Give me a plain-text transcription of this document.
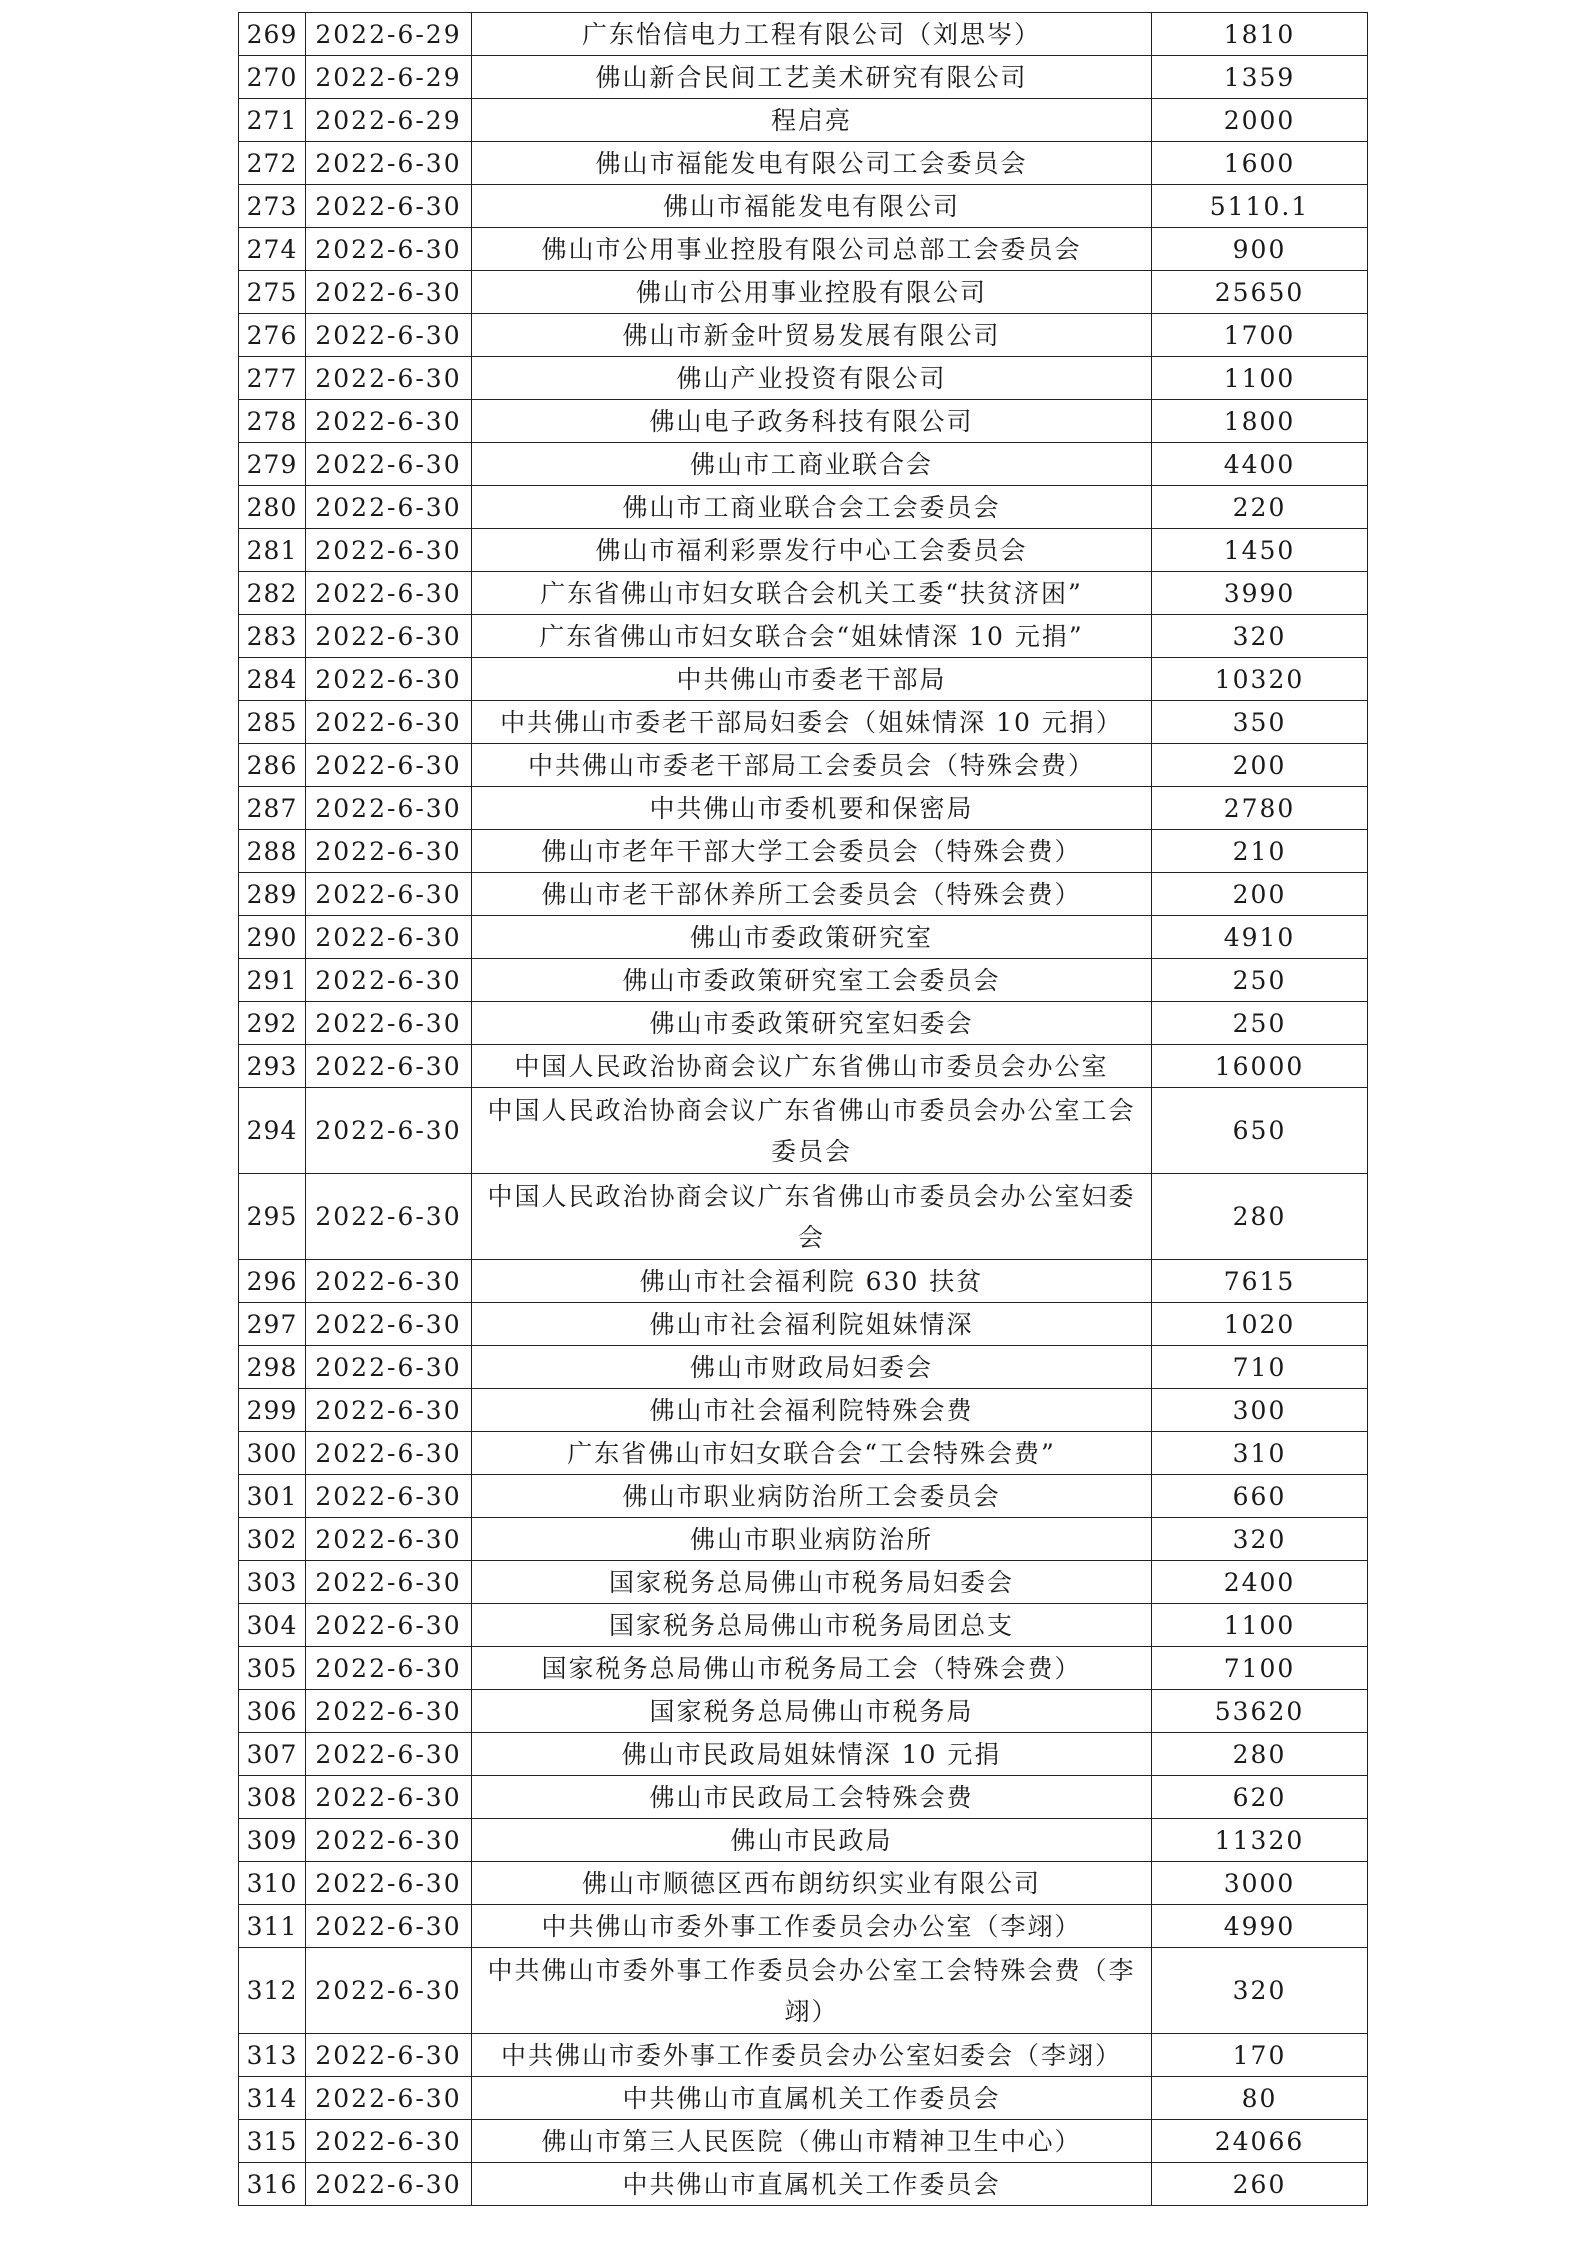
269	2022-6-29	广东怡信电力工程有限公司（刘思岑）	1810
270	2022-6-29	佛山新合民间工艺美术研究有限公司	1359
271	2022-6-29	程启亮	2000
272	2022-6-30	佛山市福能发电有限公司工会委员会	1600
273	2022-6-30	佛山市福能发电有限公司	5110.1
274	2022-6-30	佛山市公用事业控股有限公司总部工会委员会	900
275	2022-6-30	佛山市公用事业控股有限公司	25650
276	2022-6-30	佛山市新金叶贸易发展有限公司	1700
277	2022-6-30	佛山产业投资有限公司	1100
278	2022-6-30	佛山电子政务科技有限公司	1800
279	2022-6-30	佛山市工商业联合会	4400
280	2022-6-30	佛山市工商业联合会工会委员会	220
281	2022-6-30	佛山市福利彩票发行中心工会委员会	1450
282	2022-6-30	广东省佛山市妇女联合会机关工委“扶贫济困”	3990
283	2022-6-30	广东省佛山市妇女联合会“姐妹情深 10 元捐”	320
284	2022-6-30	中共佛山市委老干部局	10320
285	2022-6-30	中共佛山市委老干部局妇委会（姐妹情深 10 元捐）	350
286	2022-6-30	中共佛山市委老干部局工会委员会（特殊会费）	200
287	2022-6-30	中共佛山市委机要和保密局	2780
288	2022-6-30	佛山市老年干部大学工会委员会（特殊会费）	210
289	2022-6-30	佛山市老干部休养所工会委员会（特殊会费）	200
290	2022-6-30	佛山市委政策研究室	4910
291	2022-6-30	佛山市委政策研究室工会委员会	250
292	2022-6-30	佛山市委政策研究室妇委会	250
293	2022-6-30	中国人民政治协商会议广东省佛山市委员会办公室	16000
294	2022-6-30	中国人民政治协商会议广东省佛山市委员会办公室工会委员会	650
295	2022-6-30	中国人民政治协商会议广东省佛山市委员会办公室妇委会	280
296	2022-6-30	佛山市社会福利院 630 扶贫	7615
297	2022-6-30	佛山市社会福利院姐妹情深	1020
298	2022-6-30	佛山市财政局妇委会	710
299	2022-6-30	佛山市社会福利院特殊会费	300
300	2022-6-30	广东省佛山市妇女联合会“工会特殊会费”	310
301	2022-6-30	佛山市职业病防治所工会委员会	660
302	2022-6-30	佛山市职业病防治所	320
303	2022-6-30	国家税务总局佛山市税务局妇委会	2400
304	2022-6-30	国家税务总局佛山市税务局团总支	1100
305	2022-6-30	国家税务总局佛山市税务局工会（特殊会费）	7100
306	2022-6-30	国家税务总局佛山市税务局	53620
307	2022-6-30	佛山市民政局姐妹情深 10 元捐	280
308	2022-6-30	佛山市民政局工会特殊会费	620
309	2022-6-30	佛山市民政局	11320
310	2022-6-30	佛山市顺德区西布朗纺织实业有限公司	3000
311	2022-6-30	中共佛山市委外事工作委员会办公室（李翊）	4990
312	2022-6-30	中共佛山市委外事工作委员会办公室工会特殊会费（李翊）	320
313	2022-6-30	中共佛山市委外事工作委员会办公室妇委会（李翊）	170
314	2022-6-30	中共佛山市直属机关工作委员会	80
315	2022-6-30	佛山市第三人民医院（佛山市精神卫生中心）	24066
316	2022-6-30	中共佛山市直属机关工作委员会	260
